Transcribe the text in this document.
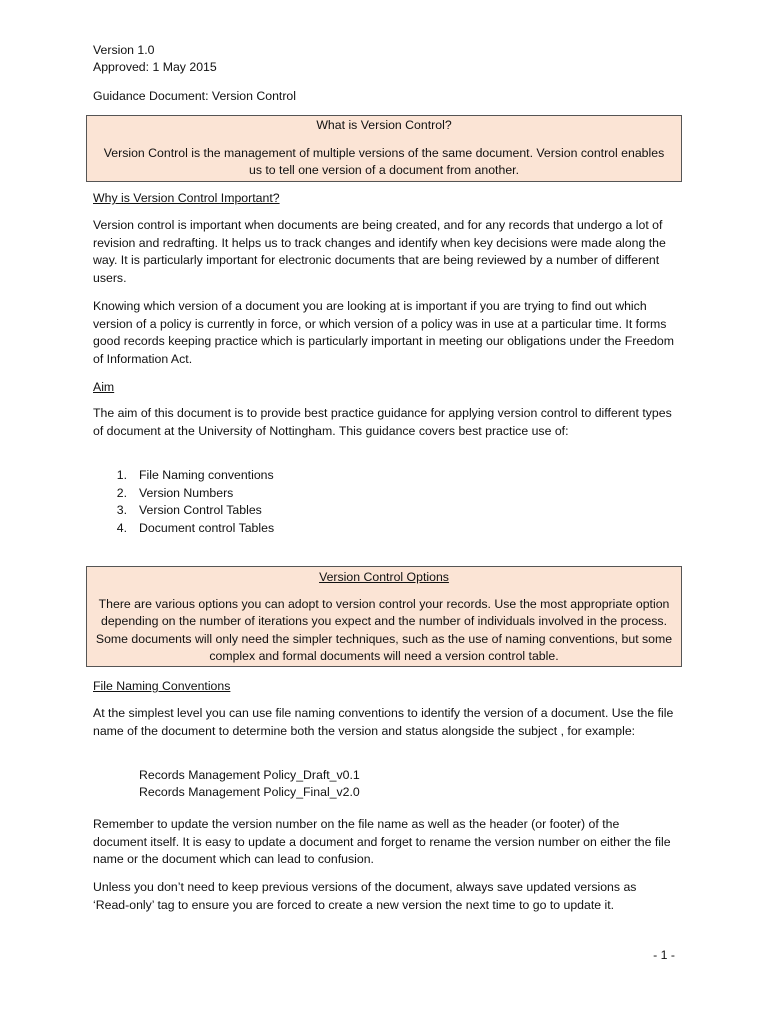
Version 1.0

Approved: 1 May 2015

Guidance Document: Version Control

What is Version Control?

Version Control is the management of multiple versions of the same document. Version control enables us to tell one version of a document from another.

Why is Version Control Important?

Version control is important when documents are being created, and for any records that undergo a lot of revision and redrafting. It helps us to track changes and identify when key decisions were made along the way. It is particularly important for electronic documents that are being reviewed by a number of different users.

Knowing which version of a document you are looking at is important if you are trying to find out which version of a policy is currently in force, or which version of a policy was in use at a particular time. It forms good records keeping practice which is particularly important in meeting our obligations under the Freedom of Information Act.

Aim

The aim of this document is to provide best practice guidance for applying version control to different types of document at the University of Nottingham. This guidance covers best practice use of:

1. File Naming conventions
2. Version Numbers
3. Version Control Tables
4. Document control Tables

Version Control Options

There are various options you can adopt to version control your records. Use the most appropriate option depending on the number of iterations you expect and the number of individuals involved in the process. Some documents will only need the simpler techniques, such as the use of naming conventions, but some complex and formal documents will need a version control table.

File Naming Conventions

At the simplest level you can use file naming conventions to identify the version of a document. Use the file name of the document to determine both the version and status alongside the subject , for example:

Records Management Policy_Draft_v0.1

Records Management Policy_Final_v2.0

Remember to update the version number on the file name as well as the header (or footer) of the document itself. It is easy to update a document and forget to rename the version number on either the file name or the document which can lead to confusion.

Unless you don’t need to keep previous versions of the document, always save updated versions as ‘Read-only’ tag to ensure you are forced to create a new version the next time to go to update it.

- 1 -
